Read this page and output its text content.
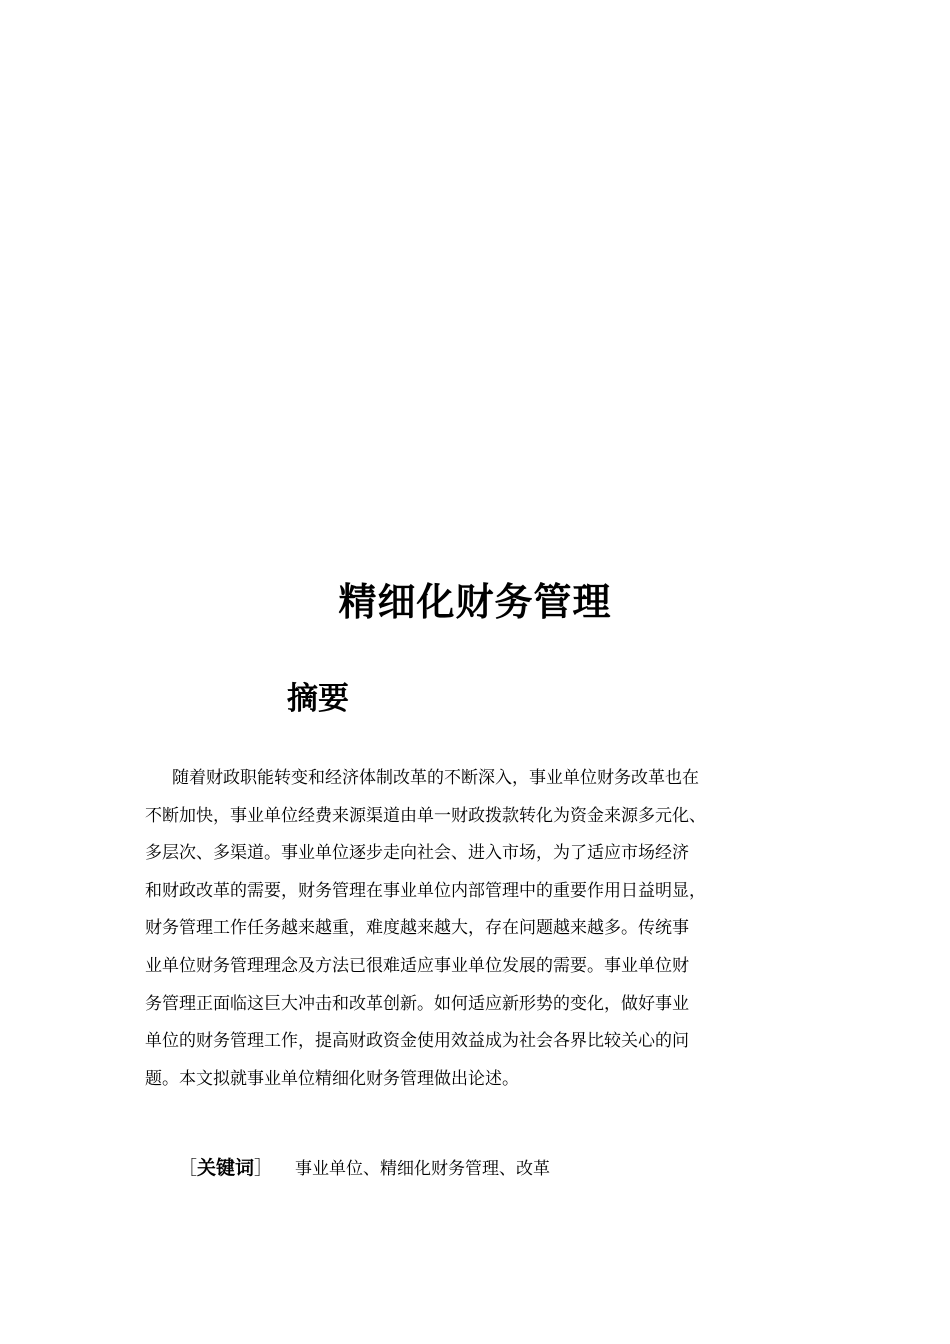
精细化财务管理
摘要

随着财政职能转变和经济体制改革的不断深入，事业单位财务改革也在
不断加快，事业单位经费来源渠道由单一财政拨款转化为资金来源多元化、
多层次、多渠道。事业单位逐步走向社会、进入市场，为了适应市场经济
和财政改革的需要，财务管理在事业单位内部管理中的重要作用日益明显，
财务管理工作任务越来越重，难度越来越大，存在问题越来越多。传统事
业单位财务管理理念及方法已很难适应事业单位发展的需要。事业单位财
务管理正面临这巨大冲击和改革创新。如何适应新形势的变化，做好事业
单位的财务管理工作，提高财政资金使用效益成为社会各界比较关心的问
题。本文拟就事业单位精细化财务管理做出论述。

［关键词］ 事业单位、精细化财务管理、改革
